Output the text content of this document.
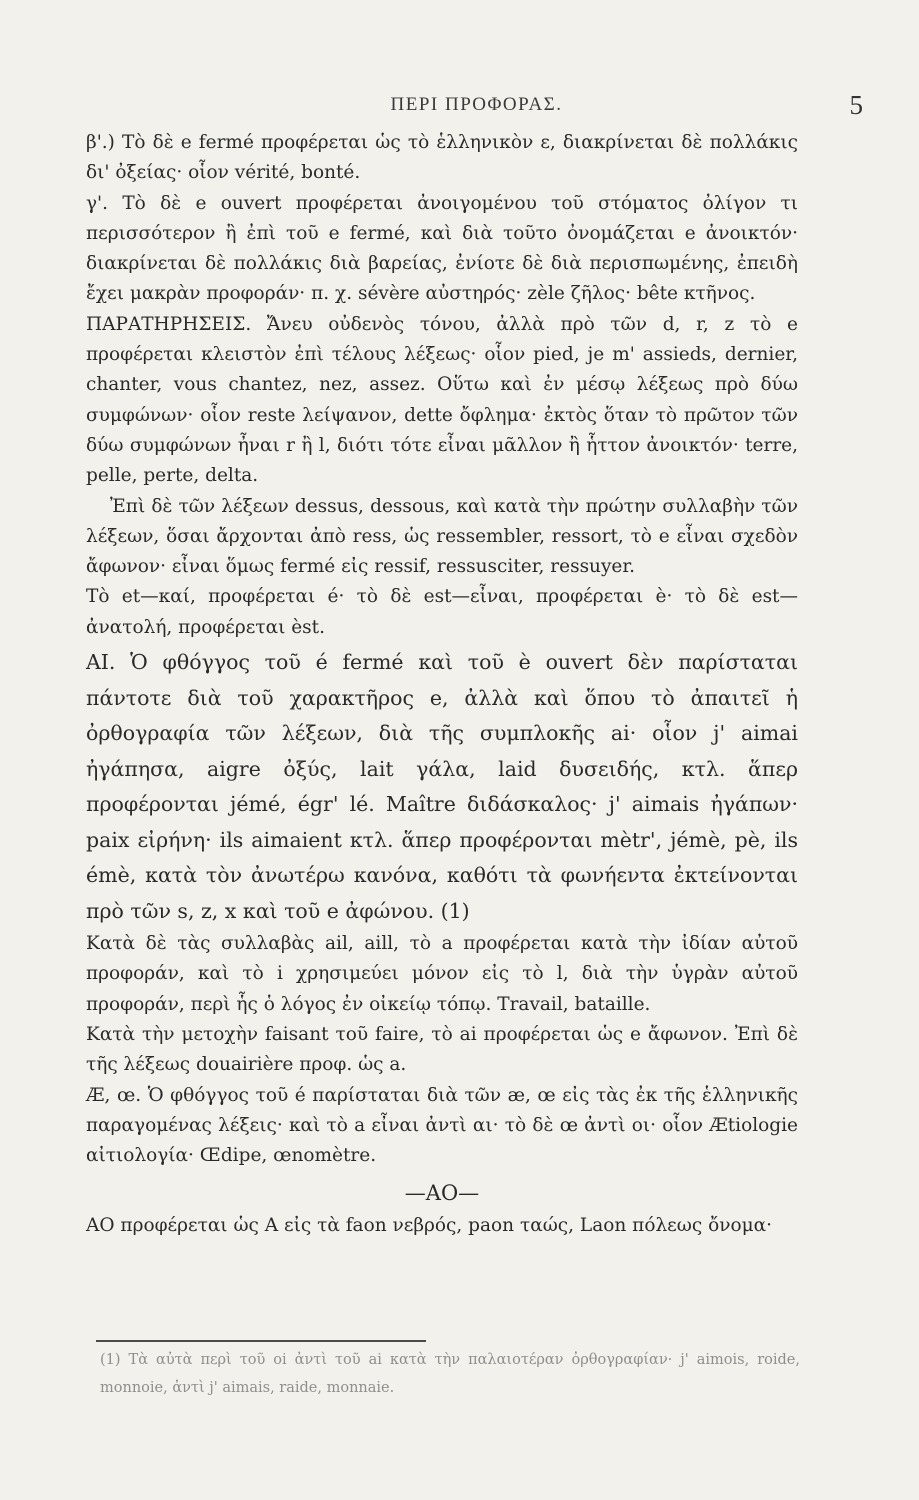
ΠΕΡΙ ΠΡΟΦΟΡΑΣ.	5

β'.) Τὸ δὲ e fermé προφέρεται ὡς τὸ ἑλληνικὸν ε, διακρίνεται δὲ πολλάκις δι' ὀξείας· οἷον vérité, bonté.

γ'. Τὸ δὲ e ouvert προφέρεται ἀνοιγομένου τοῦ στόματος ὀλίγον τι περισσότερον ἢ ἐπὶ τοῦ e fermé, καὶ διὰ τοῦτο ὀνομάζεται e ἀνοικτόν· διακρίνεται δὲ πολλάκις διὰ βαρείας, ἐνίοτε δὲ διὰ περισπωμένης, ἐπειδὴ ἔχει μακρὰν προφοράν· π. χ. sévère αὐστηρός· zèle ζῆλος· bête κτῆνος.

ΠΑΡΑΤΗΡΗΣΕΙΣ. Ἄνευ οὐδενὸς τόνου, ἀλλὰ πρὸ τῶν d, r, z τὸ e προφέρεται κλειστὸν ἐπὶ τέλους λέξεως· οἷον pied, je m' assieds, dernier, chanter, vous chantez, nez, assez. Οὕτω καὶ ἐν μέσῳ λέξεως πρὸ δύω συμφώνων· οἷον reste λείψανον, dette ὄφλημα· ἐκτὸς ὅταν τὸ πρῶτον τῶν δύω συμφώνων ἦναι r ἢ l, διότι τότε εἶναι μᾶλλον ἢ ἧττον ἀνοικτόν· terre, pelle, perte, delta.

Ἐπὶ δὲ τῶν λέξεων dessus, dessous, καὶ κατὰ τὴν πρώτην συλλαβὴν τῶν λέξεων, ὅσαι ἄρχονται ἀπὸ ress, ὡς ressembler, ressort, τὸ e εἶναι σχεδὸν ἄφωνον· εἶναι ὅμως fermé εἰς ressif, ressusciter, ressuyer.

Τὸ et—καί, προφέρεται é· τὸ δὲ est—εἶναι, προφέρεται è· τὸ δὲ est—ἀνατολή, προφέρεται èst.

AI. Ὁ φθόγγος τοῦ é fermé καὶ τοῦ è ouvert δὲν παρίσταται πάντοτε διὰ τοῦ χαρακτῆρος e, ἀλλὰ καὶ ὅπου τὸ ἀπαιτεῖ ἡ ὀρθογραφία τῶν λέξεων, διὰ τῆς συμπλοκῆς ai· οἷον j' aimai ἠγάπησα, aigre ὀξύς, lait γάλα, laid δυσειδής, κτλ. ἅπερ προφέρονται jémé, égr' lé. Maître διδάσκαλος· j' aimais ἠγάπων· paix εἰρήνη· ils aimaient κτλ. ἅπερ προφέρονται mètr', jémè, pè, ils émè, κατὰ τὸν ἀνωτέρω κανόνα, καθότι τὰ φωνήεντα ἐκτείνονται πρὸ τῶν s, z, x καὶ τοῦ e ἀφώνου. (1)

Κατὰ δὲ τὰς συλλαβὰς ail, aill, τὸ a προφέρεται κατὰ τὴν ἰδίαν αὐτοῦ προφοράν, καὶ τὸ i χρησιμεύει μόνον εἰς τὸ l, διὰ τὴν ὑγρὰν αὐτοῦ προφοράν, περὶ ἧς ὁ λόγος ἐν οἰκείῳ τόπῳ. Travail, bataille.

Κατὰ τὴν μετοχὴν faisant τοῦ faire, τὸ ai προφέρεται ὡς e ἄφωνον. Ἐπὶ δὲ τῆς λέξεως douairière προφ. ὡς a.

Æ, œ. Ὁ φθόγγος τοῦ é παρίσταται διὰ τῶν æ, œ εἰς τὰς ἐκ τῆς ἑλληνικῆς παραγομένας λέξεις· καὶ τὸ a εἶναι ἀντὶ αι· τὸ δὲ œ ἀντὶ οι· οἷον Ætiologie αἰτιολογία· Œdipe, œnomètre.

—AO—

AO προφέρεται ὡς A εἰς τὰ faon νεβρός, paon ταώς, Laon πόλεως ὄνομα·

(1) Τὰ αὐτὰ περὶ τοῦ oi ἀντὶ τοῦ ai κατὰ τὴν παλαιοτέραν ὀρθογραφίαν· j' aimois, roide, monnoie, ἀντὶ j' aimais, raide, monnaie.
